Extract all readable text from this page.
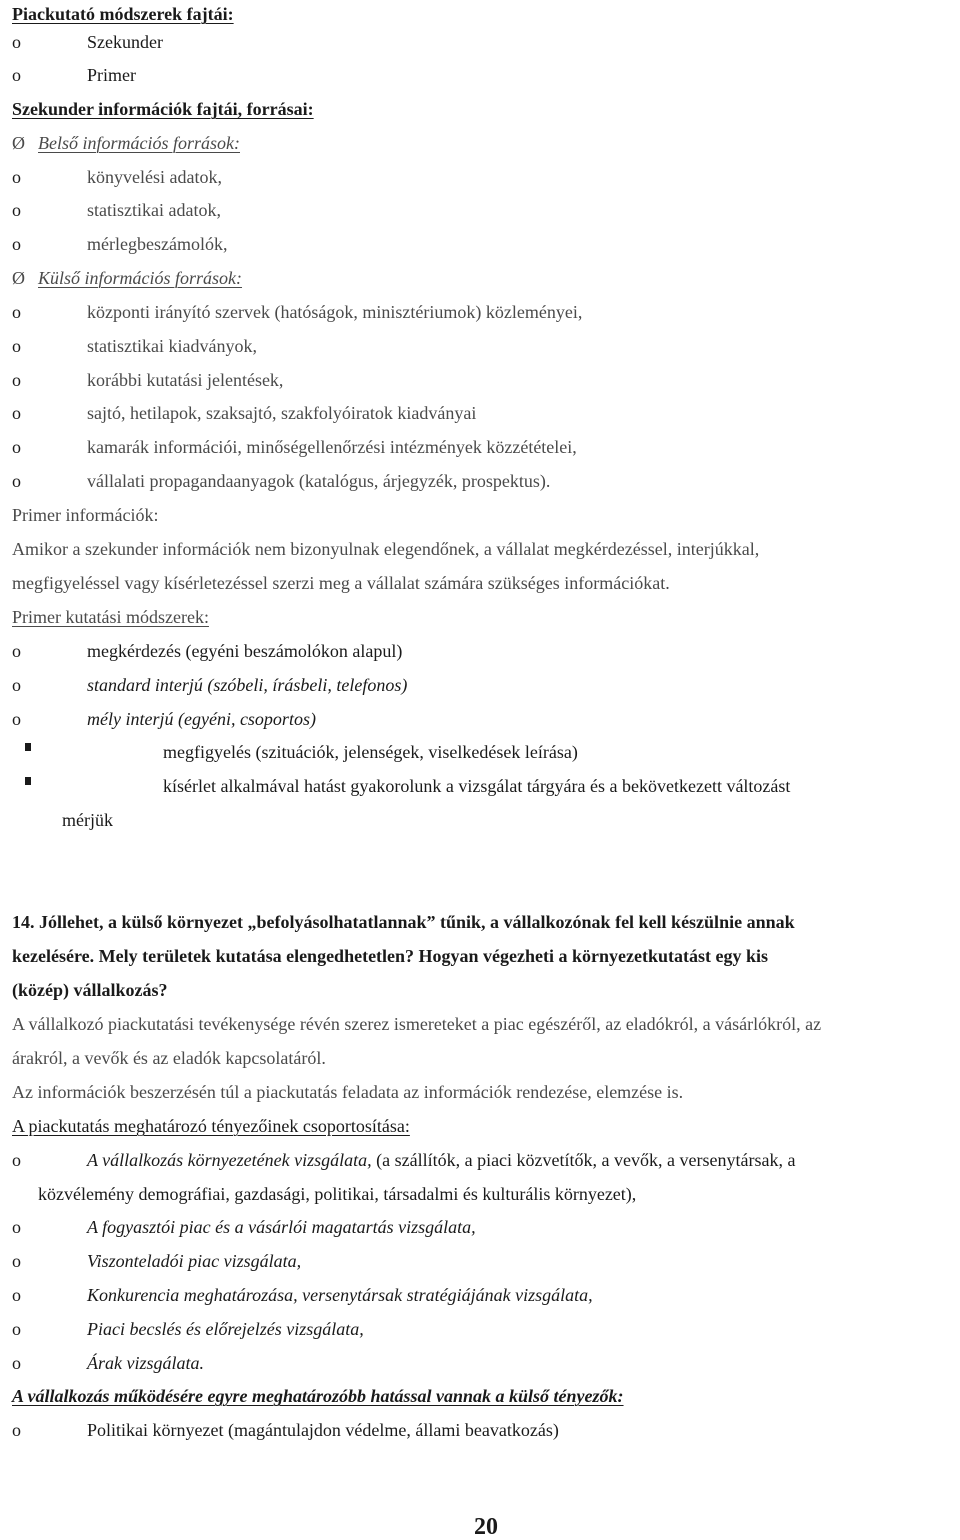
Piackutató módszerek fajtái:
o	Szekunder
o	Primer
Szekunder információk fajtái, forrásai:
Ø Belső információs források:
o	könyvelési adatok,
o	statisztikai adatok,
o	mérlegbeszámolók,
Ø Külső információs források:
o	központi irányító szervek (hatóságok, minisztériumok) közleményei,
o	statisztikai kiadványok,
o	korábbi kutatási jelentések,
o	sajtó, hetilapok, szaksajtó, szakfolyóiratok kiadványai
o	kamarák információi, minőségellenőrzési intézmények közzétételei,
o	vállalati propagandaanyagok (katalógus, árjegyzék, prospektus).
Primer információk:
Amikor a szekunder információk nem bizonyulnak elegendőnek, a vállalat megkérdezéssel, interjúkkal,
megfigyeléssel vagy kísérletezéssel szerzi meg a vállalat számára szükséges információkat.
Primer kutatási módszerek:
o	megkérdezés (egyéni beszámolókon alapul)
o	standard interjú (szóbeli, írásbeli, telefonos)
o	mély interjú (egyéni, csoportos)
megfigyelés (szituációk, jelenségek, viselkedések leírása)
kísérlet alkalmával hatást gyakorolunk a vizsgálat tárgyára és a bekövetkezett változást
mérjük
14. Jóllehet, a külső környezet „befolyásolhatatlannak” tűnik, a vállalkozónak fel kell készülnie annak
kezelésére. Mely területek kutatása elengedhetetlen? Hogyan végezheti a környezetkutatást egy kis
(közép) vállalkozás?
A vállalkozó piackutatási tevékenysége révén szerez ismereteket a piac egészéről, az eladókról, a vásárlókról, az
árakról, a vevők és az eladók kapcsolatáról.
Az információk beszerzésén túl a piackutatás feladata az információk rendezése, elemzése is.
A piackutatás meghatározó tényezőinek csoportosítása:
o	A vállalkozás környezetének vizsgálata, (a szállítók, a piaci közvetítők, a vevők, a versenytársak, a
közvélemény demográfiai, gazdasági, politikai, társadalmi és kulturális környezet),
o	A fogyasztói piac és a vásárlói magatartás vizsgálata,
o	Viszonteladói piac vizsgálata,
o	Konkurencia meghatározása, versenytársak stratégiájának vizsgálata,
o	Piaci becslés és előrejelzés vizsgálata,
o	Árak vizsgálata.
A vállalkozás működésére egyre meghatározóbb hatással vannak a külső tényezők:
o	Politikai környezet (magántulajdon védelme, állami beavatkozás)
20
